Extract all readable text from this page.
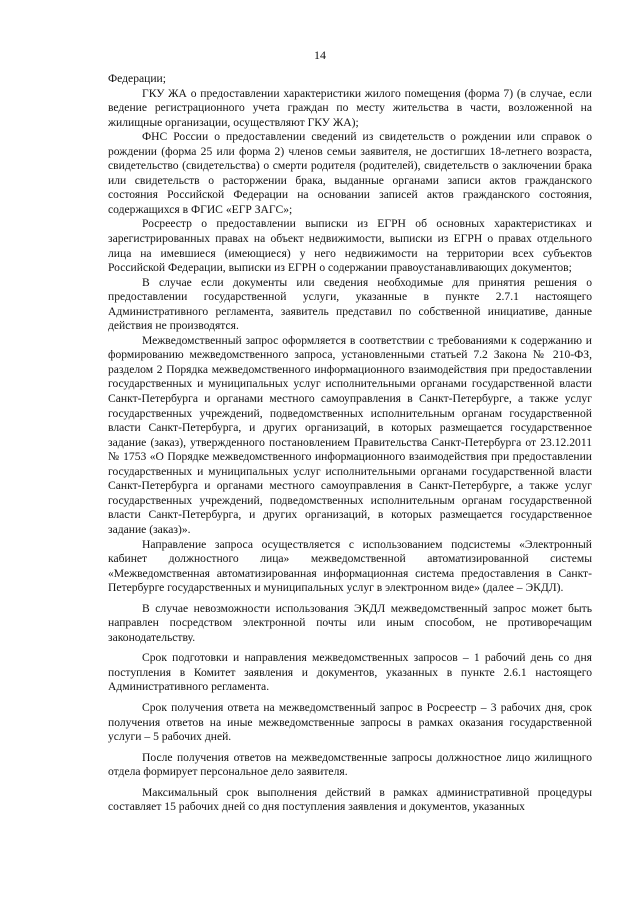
14

Федерации;

ГКУ ЖА о предоставлении характеристики жилого помещения (форма 7) (в случае, если ведение регистрационного учета граждан по месту жительства в части, возложенной на жилищные организации, осуществляют ГКУ ЖА);

ФНС России о предоставлении сведений из свидетельств о рождении или справок о рождении (форма 25 или форма 2) членов семьи заявителя, не достигших 18-летнего возраста, свидетельство (свидетельства) о смерти родителя (родителей), свидетельств о заключении брака или свидетельств о расторжении брака, выданные органами записи актов гражданского состояния Российской Федерации на основании записей актов гражданского состояния, содержащихся в ФГИС «ЕГР ЗАГС»;

Росреестр о предоставлении выписки из ЕГРН об основных характеристиках и зарегистрированных правах на объект недвижимости, выписки из ЕГРН о правах отдельного лица на имевшиеся (имеющиеся) у него недвижимости на территории всех субъектов Российской Федерации, выписки из ЕГРН о содержании правоустанавливающих документов;

В случае если документы или сведения необходимые для принятия решения о предоставлении государственной услуги, указанные в пункте 2.7.1 настоящего Административного регламента, заявитель представил по собственной инициативе, данные действия не производятся.

Межведомственный запрос оформляется в соответствии с требованиями к содержанию и формированию межведомственного запроса, установленными статьей 7.2 Закона № 210-ФЗ, разделом 2 Порядка межведомственного информационного взаимодействия при предоставлении государственных и муниципальных услуг исполнительными органами государственной власти Санкт-Петербурга и органами местного самоуправления в Санкт-Петербурге, а также услуг государственных учреждений, подведомственных исполнительным органам государственной власти Санкт-Петербурга, и других организаций, в которых размещается государственное задание (заказ), утвержденного постановлением Правительства Санкт-Петербурга от 23.12.2011 № 1753 «О Порядке межведомственного информационного взаимодействия при предоставлении государственных и муниципальных услуг исполнительными органами государственной власти Санкт-Петербурга и органами местного самоуправления в Санкт-Петербурге, а также услуг государственных учреждений, подведомственных исполнительным органам государственной власти Санкт-Петербурга, и других организаций, в которых размещается государственное задание (заказ)».

Направление запроса осуществляется с использованием подсистемы «Электронный кабинет должностного лица» межведомственной автоматизированной системы «Межведомственная автоматизированная информационная система предоставления в Санкт-Петербурге государственных и муниципальных услуг в электронном виде» (далее – ЭКДЛ).

В случае невозможности использования ЭКДЛ межведомственный запрос может быть направлен посредством электронной почты или иным способом, не противоречащим законодательству.

Срок подготовки и направления межведомственных запросов – 1 рабочий день со дня поступления в Комитет заявления и документов, указанных в пункте 2.6.1 настоящего Административного регламента.

Срок получения ответа на межведомственный запрос в Росреестр – 3 рабочих дня, срок получения ответов на иные межведомственные запросы в рамках оказания государственной услуги – 5 рабочих дней.

После получения ответов на межведомственные запросы должностное лицо жилищного отдела формирует персональное дело заявителя.

Максимальный срок выполнения действий в рамках административной процедуры составляет 15 рабочих дней со дня поступления заявления и документов, указанных
